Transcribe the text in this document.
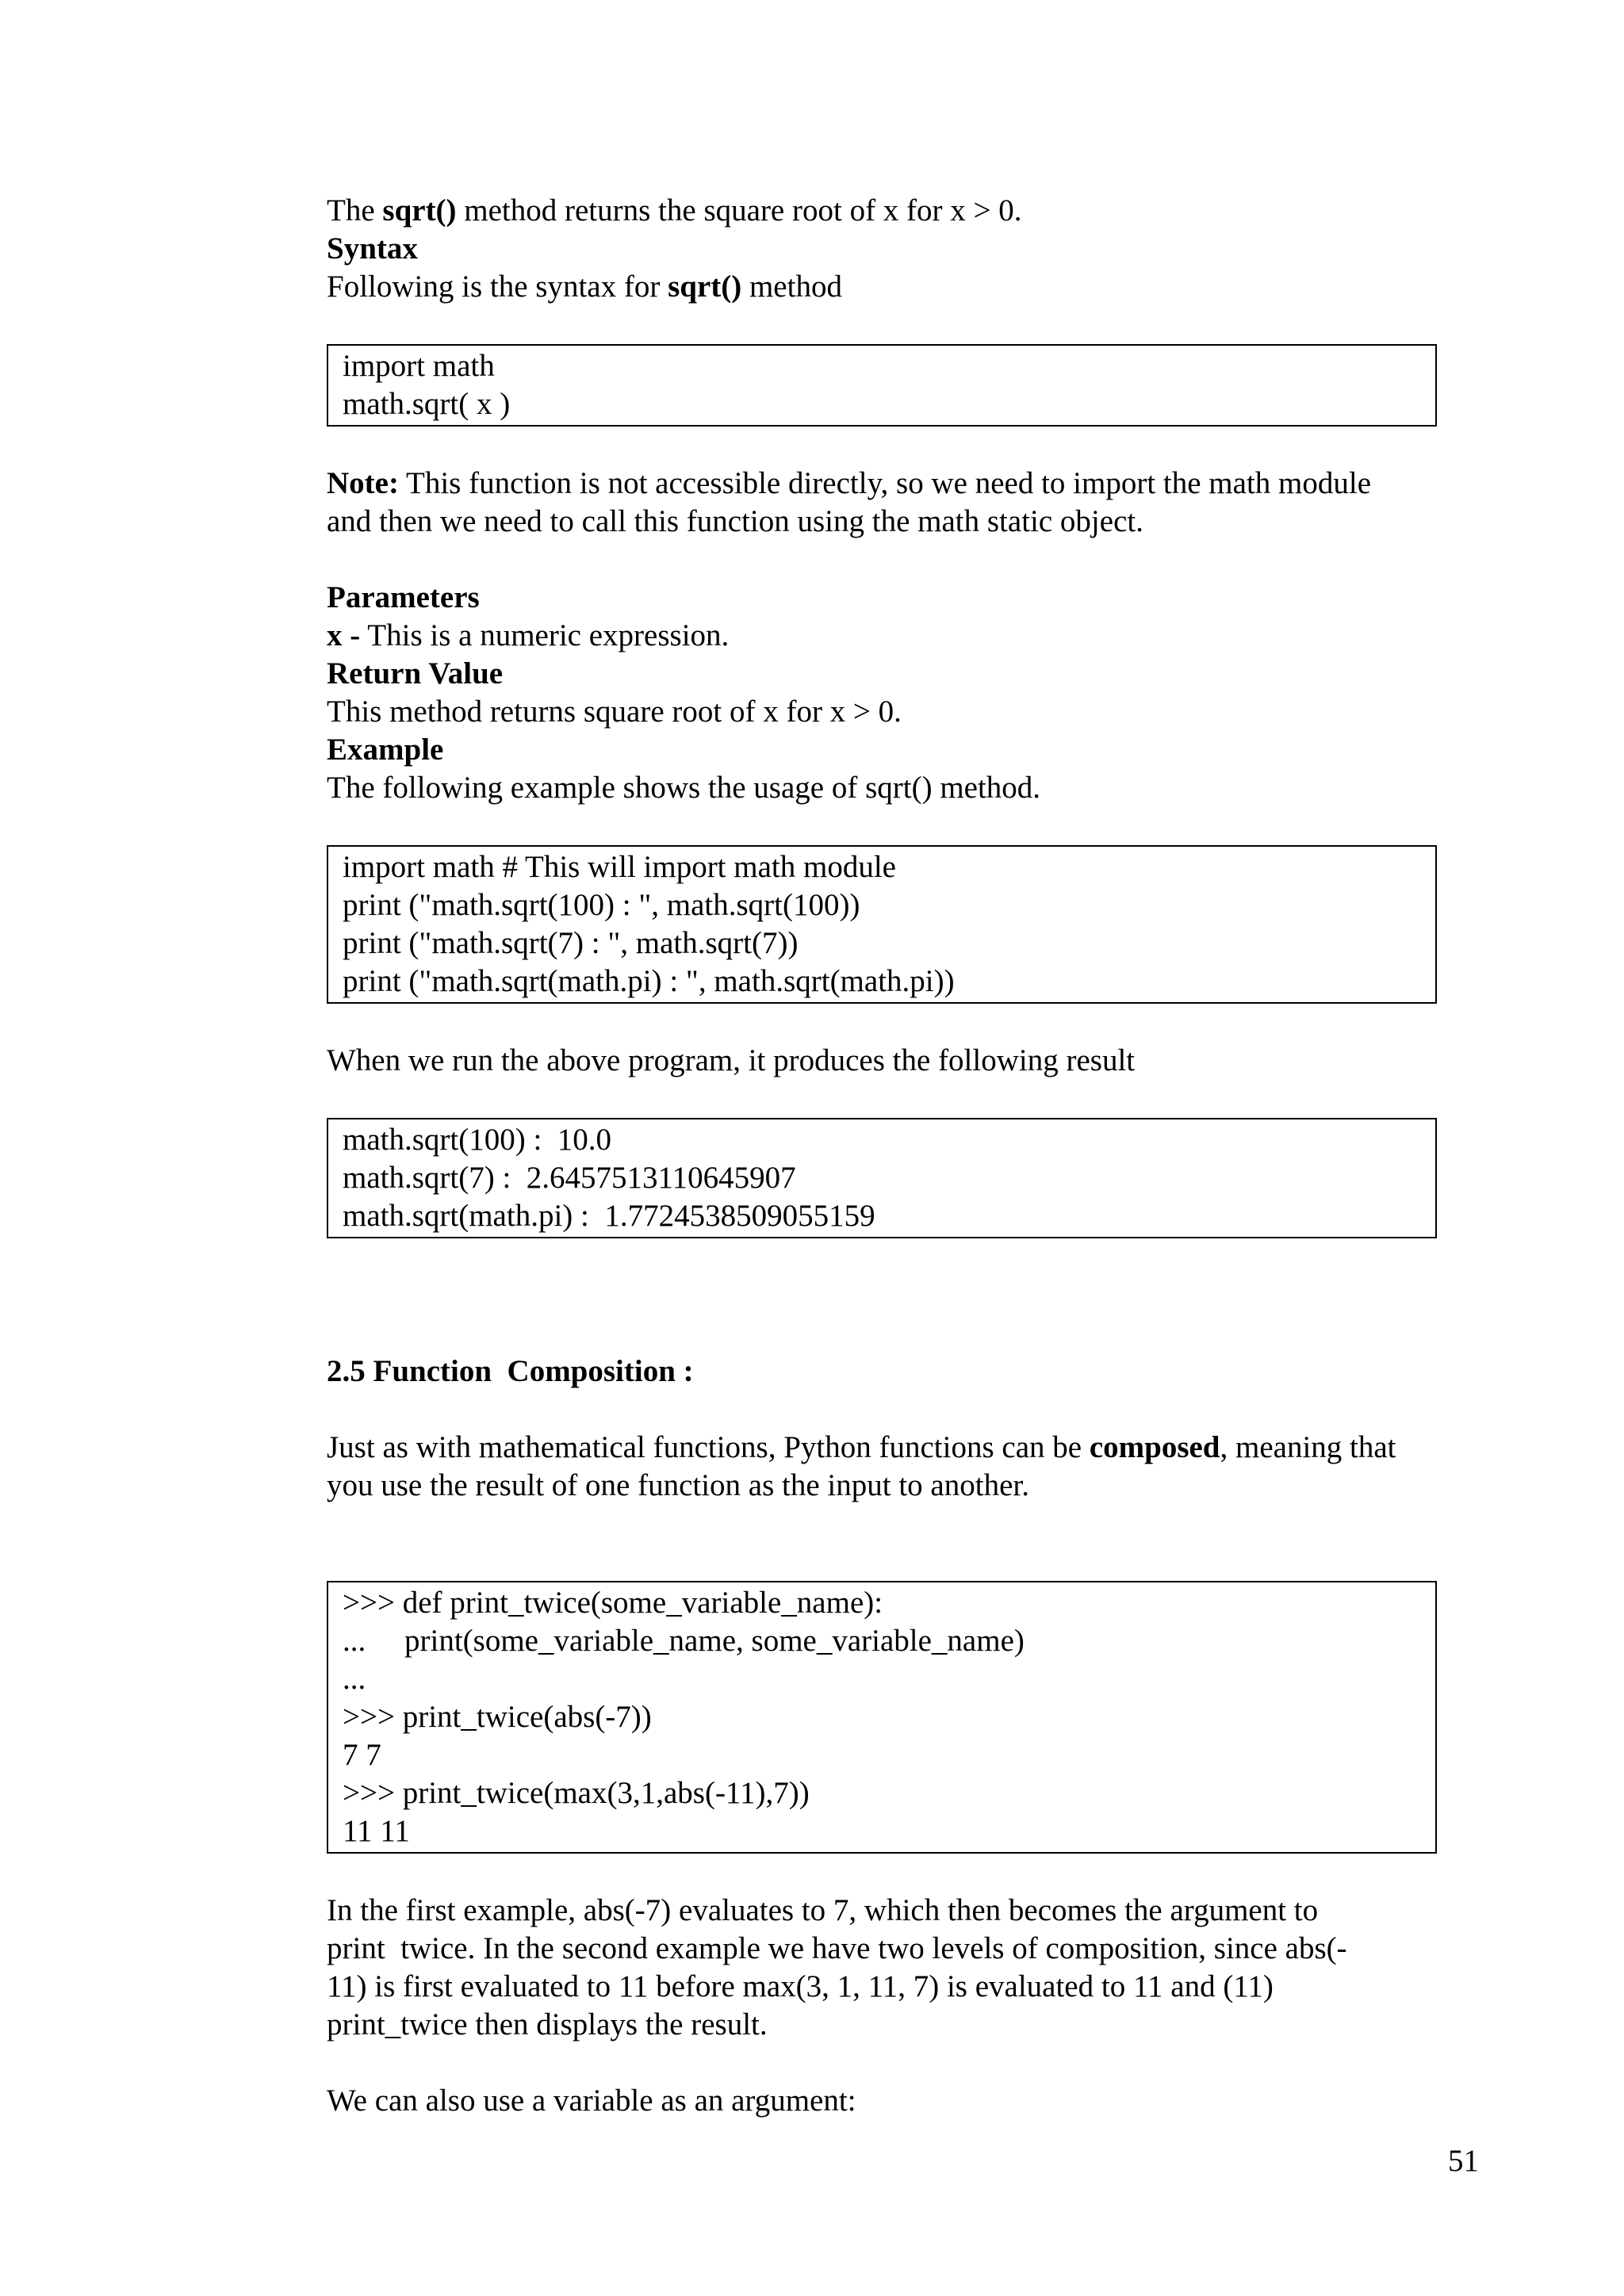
The sqrt() method returns the square root of x for x > 0.
Syntax
Following is the syntax for sqrt() method

import math
math.sqrt( x )

Note: This function is not accessible directly, so we need to import the math module
and then we need to call this function using the math static object.

Parameters
x - This is a numeric expression.
Return Value
This method returns square root of x for x > 0.
Example
The following example shows the usage of sqrt() method.

import math # This will import math module
print ("math.sqrt(100) : ", math.sqrt(100))
print ("math.sqrt(7) : ", math.sqrt(7))
print ("math.sqrt(math.pi) : ", math.sqrt(math.pi))

When we run the above program, it produces the following result

math.sqrt(100) :  10.0
math.sqrt(7) :  2.6457513110645907
math.sqrt(math.pi) :  1.7724538509055159

2.5 Function  Composition :

Just as with mathematical functions, Python functions can be composed, meaning that
you use the result of one function as the input to another.

>>> def print_twice(some_variable_name):
...     print(some_variable_name, some_variable_name)
...
>>> print_twice(abs(-7))
7 7
>>> print_twice(max(3,1,abs(-11),7))
11 11

In the first example, abs(-7) evaluates to 7, which then becomes the argument to
print  twice. In the second example we have two levels of composition, since abs(-
11) is first evaluated to 11 before max(3, 1, 11, 7) is evaluated to 11 and (11)
print_twice then displays the result.

We can also use a variable as an argument:

51
